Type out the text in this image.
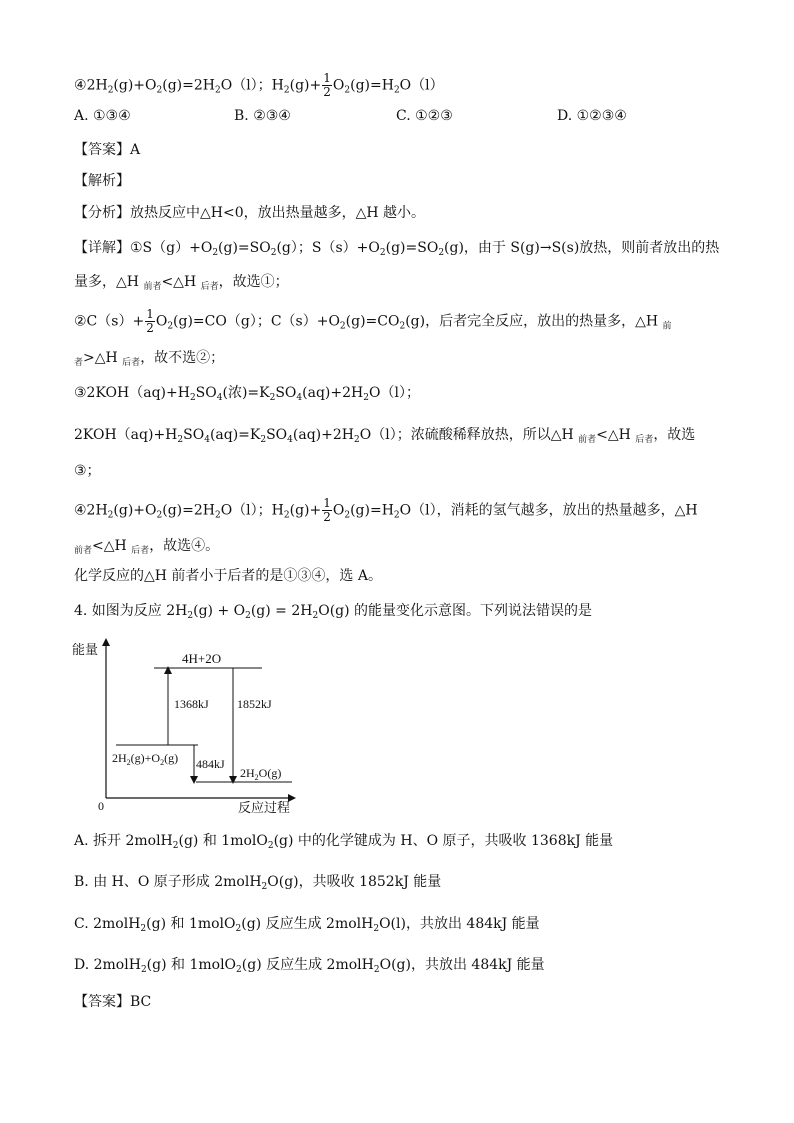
$④2H_2(g)+O_2(g)=2H_2O(l)$；$H_2(g)+ \frac{1}{2} O_2(g)=H_2O(l)$
A. ①③④	B. ②③④	C. ①②③	D. ①②③④
【答案】A
【解析】
【分析】放热反应中△H<0，放出热量越多，△H 越小。
【详解】$①S(g)+O_2(g)=SO_2(g)$；$S(s)+O_2(g)=SO_2(g)$，由于 S(g)→S(s)放热，则前者放出的热
量多，△H $_{前者}$<△H $_{后者}$，故选①；
②C（s）+ $\frac{1}{2} O_2(g)=CO(g)$；$C(s)+O_2(g)=CO_2(g)$，后者完全反应，放出的热量多，△H $_前$
$_者$>△H $_{后者}$，故不选②；
$③2KOH(aq)+H_2SO_4$(浓)$=K_2SO_4(aq)+2H_2O(l)$；
$2KOH(aq)+H_2SO_4(aq)=K_2SO_4(aq)+2H_2O(l)$；浓硫酸稀释放热，所以△H $_{前者}$<△H $_{后者}$，故选
③；
$④2H_2(g)+O_2(g)=2H_2O(l)$；$H_2(g)+ \frac{1}{2} O_2(g)=H_2O(l)$，消耗的氢气越多，放出的热量越多，△H
$_{前者}$<△H $_{后者}$，故选④。
化学反应的△H 前者小于后者的是①③④，选 A。
4. 如图为反应 $2H_2(g) + O_2(g) = 2H_2O(g)$ 的能量变化示意图。下列说法错误的是
能量
反应过程
0
4H+2O
$2H_2(g)+O_2(g)$
$2H_2O(g)$
1368kJ 1852kJ
484kJ
A. 拆开 2molH$_2$(g) 和 1molO$_2$(g) 中的化学键成为 H、O 原子，共吸收 1368kJ 能量
B. 由 H、O 原子形成 2molH$_2$O(g)，共吸收 1852kJ 能量
C. 2molH$_2$(g) 和 1molO$_2$(g) 反应生成 2molH$_2$O(l)，共放出 484kJ 能量
D. 2molH$_2$(g) 和 1molO$_2$(g) 反应生成 2molH$_2$O(g)，共放出 484kJ 能量
【答案】BC
